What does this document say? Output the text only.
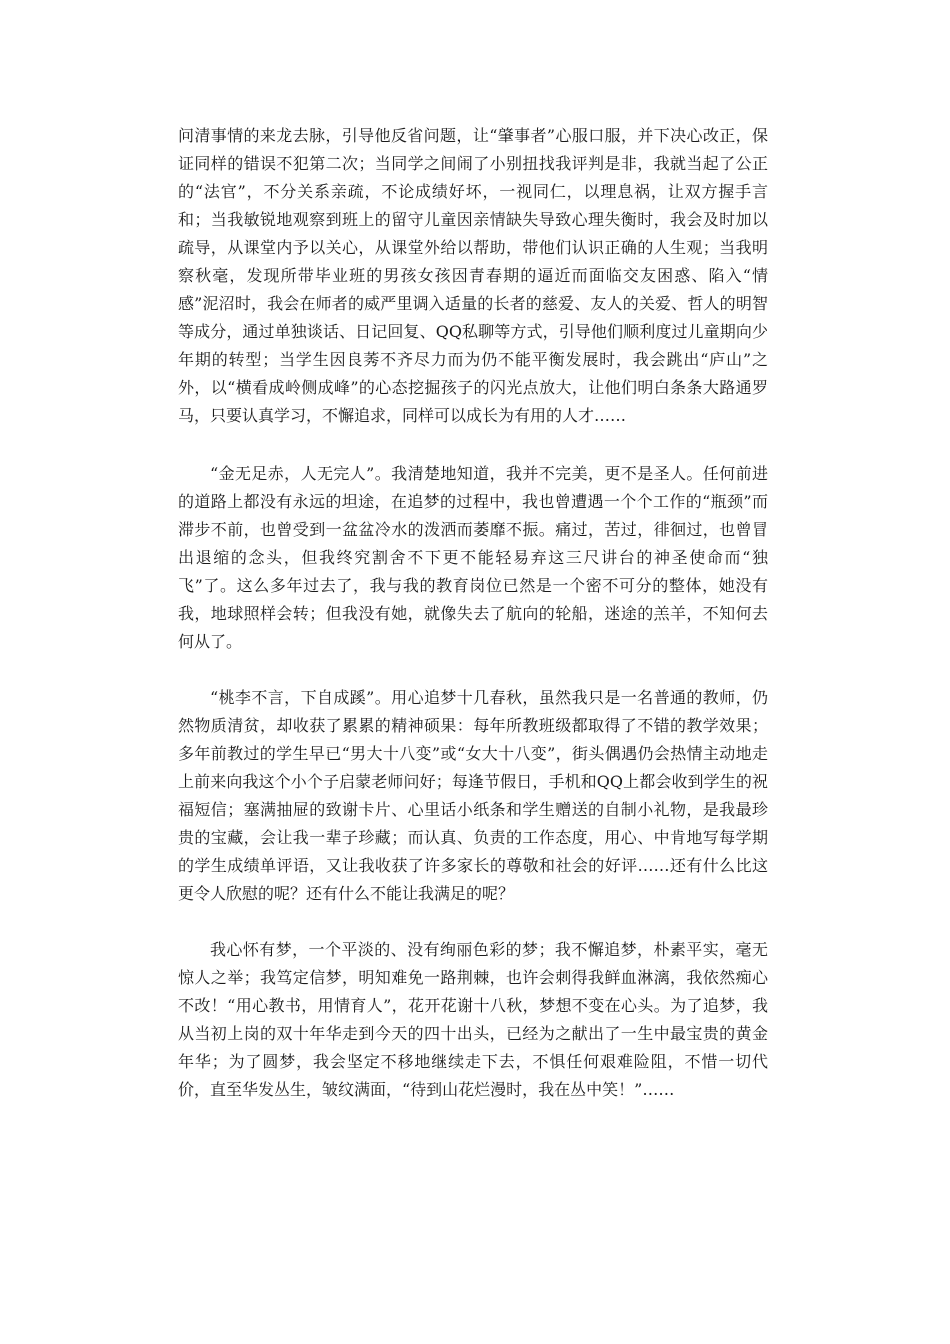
问清事情的来龙去脉，引导他反省问题，让“肇事者”心服口服，并下决心改正，保证同样的错误不犯第二次；当同学之间闹了小别扭找我评判是非，我就当起了公正的“法官”，不分关系亲疏，不论成绩好坏，一视同仁，以理息祸，让双方握手言和；当我敏锐地观察到班上的留守儿童因亲情缺失导致心理失衡时，我会及时加以疏导，从课堂内予以关心，从课堂外给以帮助，带他们认识正确的人生观；当我明察秋毫，发现所带毕业班的男孩女孩因青春期的逼近而面临交友困惑、陷入“情感”泥沼时，我会在师者的威严里调入适量的长者的慈爱、友人的关爱、哲人的明智等成分，通过单独谈话、日记回复、QQ私聊等方式，引导他们顺利度过儿童期向少年期的转型；当学生因良莠不齐尽力而为仍不能平衡发展时，我会跳出“庐山”之外，以“横看成岭侧成峰”的心态挖掘孩子的闪光点放大，让他们明白条条大路通罗马，只要认真学习，不懈追求，同样可以成长为有用的人才……

“金无足赤，人无完人”。我清楚地知道，我并不完美，更不是圣人。任何前进的道路上都没有永远的坦途，在追梦的过程中，我也曾遭遇一个个工作的“瓶颈”而滞步不前，也曾受到一盆盆冷水的泼洒而萎靡不振。痛过，苦过，徘徊过，也曾冒出退缩的念头，但我终究割舍不下更不能轻易弃这三尺讲台的神圣使命而“独飞”了。这么多年过去了，我与我的教育岗位已然是一个密不可分的整体，她没有我，地球照样会转；但我没有她，就像失去了航向的轮船，迷途的羔羊，不知何去何从了。

“桃李不言，下自成蹊”。用心追梦十几春秋，虽然我只是一名普通的教师，仍然物质清贫，却收获了累累的精神硕果：每年所教班级都取得了不错的教学效果；多年前教过的学生早已“男大十八变”或“女大十八变”，街头偶遇仍会热情主动地走上前来向我这个小个子启蒙老师问好；每逢节假日，手机和QQ上都会收到学生的祝福短信；塞满抽屉的致谢卡片、心里话小纸条和学生赠送的自制小礼物，是我最珍贵的宝藏，会让我一辈子珍藏；而认真、负责的工作态度，用心、中肯地写每学期的学生成绩单评语，又让我收获了许多家长的尊敬和社会的好评……还有什么比这更令人欣慰的呢？还有什么不能让我满足的呢？

我心怀有梦，一个平淡的、没有绚丽色彩的梦；我不懈追梦，朴素平实，毫无惊人之举；我笃定信梦，明知难免一路荆棘，也许会刺得我鲜血淋漓，我依然痴心不改！“用心教书，用情育人”，花开花谢十八秋，梦想不变在心头。为了追梦，我从当初上岗的双十年华走到今天的四十出头，已经为之献出了一生中最宝贵的黄金年华；为了圆梦，我会坚定不移地继续走下去，不惧任何艰难险阻，不惜一切代价，直至华发丛生，皱纹满面，“待到山花烂漫时，我在丛中笑！”……
